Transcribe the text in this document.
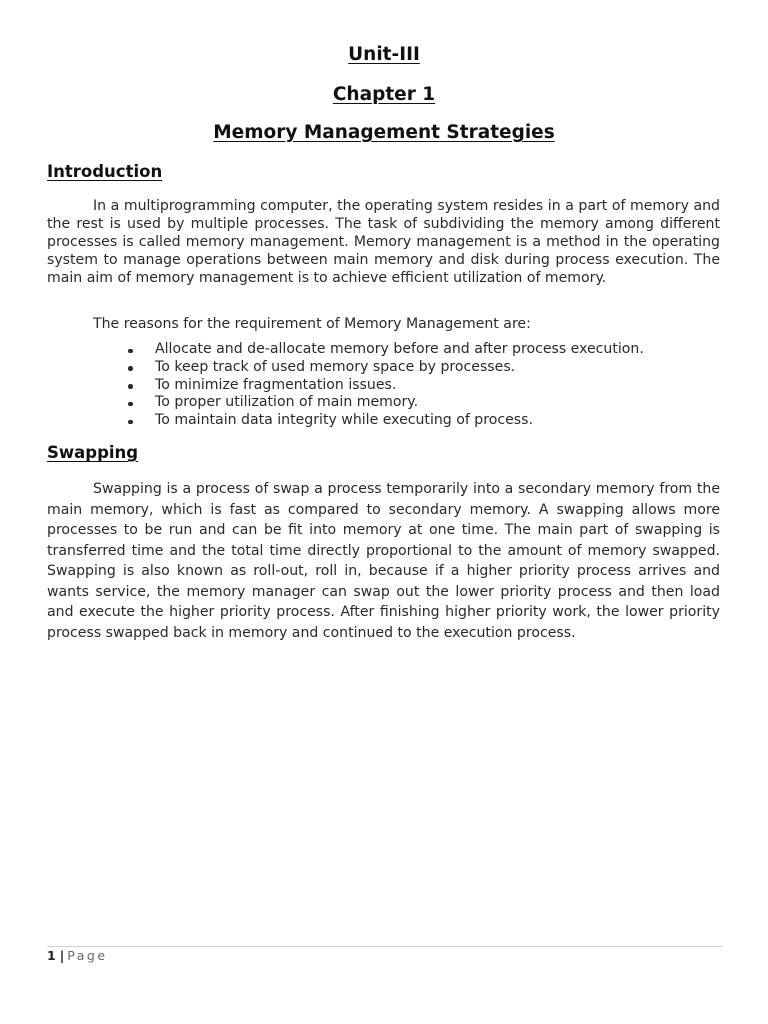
Unit-III
Chapter 1
Memory Management Strategies
Introduction

In a multiprogramming computer, the operating system resides in a part of memory and the rest is used by multiple processes. The task of subdividing the memory among different processes is called memory management. Memory management is a method in the operating system to manage operations between main memory and disk during process execution. The main aim of memory management is to achieve efficient utilization of memory.

The reasons for the requirement of Memory Management are:

Allocate and de-allocate memory before and after process execution.
To keep track of used memory space by processes.
To minimize fragmentation issues.
To proper utilization of main memory.
To maintain data integrity while executing of process.
Swapping

Swapping is a process of swap a process temporarily into a secondary memory from the main memory, which is fast as compared to secondary memory. A swapping allows more processes to be run and can be fit into memory at one time. The main part of swapping is transferred time and the total time directly proportional to the amount of memory swapped. Swapping is also known as roll-out, roll in, because if a higher priority process arrives and wants service, the memory manager can swap out the lower priority process and then load and execute the higher priority process. After finishing higher priority work, the lower priority process swapped back in memory and continued to the execution process.

1 | Page
